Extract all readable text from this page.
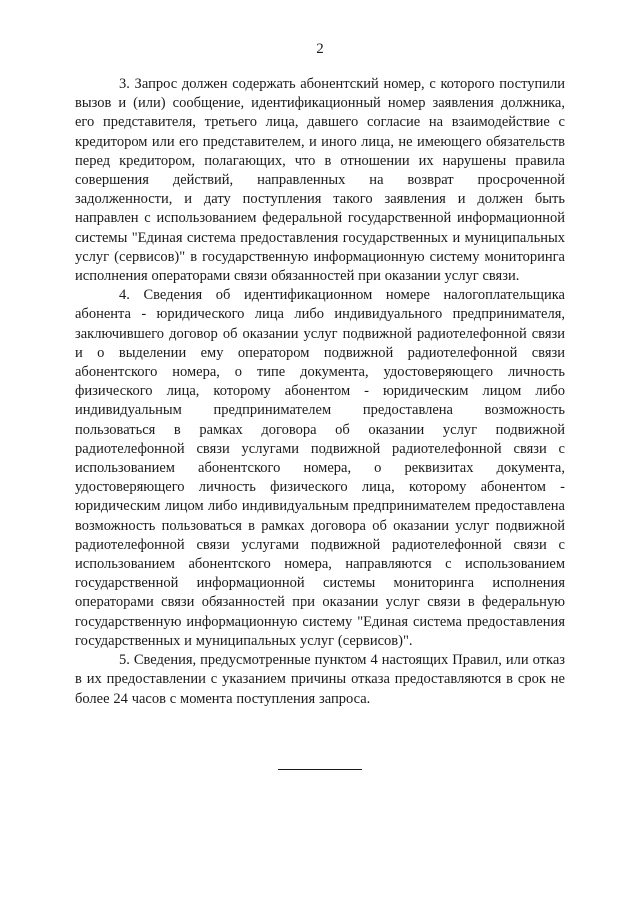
2

3. Запрос должен содержать абонентский номер, с которого поступили вызов и (или) сообщение, идентификационный номер заявления должника, его представителя, третьего лица, давшего согласие на взаимодействие с кредитором или его представителем, и иного лица, не имеющего обязательств перед кредитором, полагающих, что в отношении их нарушены правила совершения действий, направленных на возврат просроченной задолженности, и дату поступления такого заявления и должен быть направлен с использованием федеральной государственной информационной системы "Единая система предоставления государственных и муниципальных услуг (сервисов)" в государственную информационную систему мониторинга исполнения операторами связи обязанностей при оказании услуг связи.

4. Сведения об идентификационном номере налогоплательщика абонента - юридического лица либо индивидуального предпринимателя, заключившего договор об оказании услуг подвижной радиотелефонной связи и о выделении ему оператором подвижной радиотелефонной связи абонентского номера, о типе документа, удостоверяющего личность физического лица, которому абонентом - юридическим лицом либо индивидуальным предпринимателем предоставлена возможность пользоваться в рамках договора об оказании услуг подвижной радиотелефонной связи услугами подвижной радиотелефонной связи с использованием абонентского номера, о реквизитах документа, удостоверяющего личность физического лица, которому абонентом - юридическим лицом либо индивидуальным предпринимателем предоставлена возможность пользоваться в рамках договора об оказании услуг подвижной радиотелефонной связи услугами подвижной радиотелефонной связи с использованием абонентского номера, направляются с использованием государственной информационной системы мониторинга исполнения операторами связи обязанностей при оказании услуг связи в федеральную государственную информационную систему "Единая система предоставления государственных и муниципальных услуг (сервисов)".

5. Сведения, предусмотренные пунктом 4 настоящих Правил, или отказ в их предоставлении с указанием причины отказа предоставляются в срок не более 24 часов с момента поступления запроса.
